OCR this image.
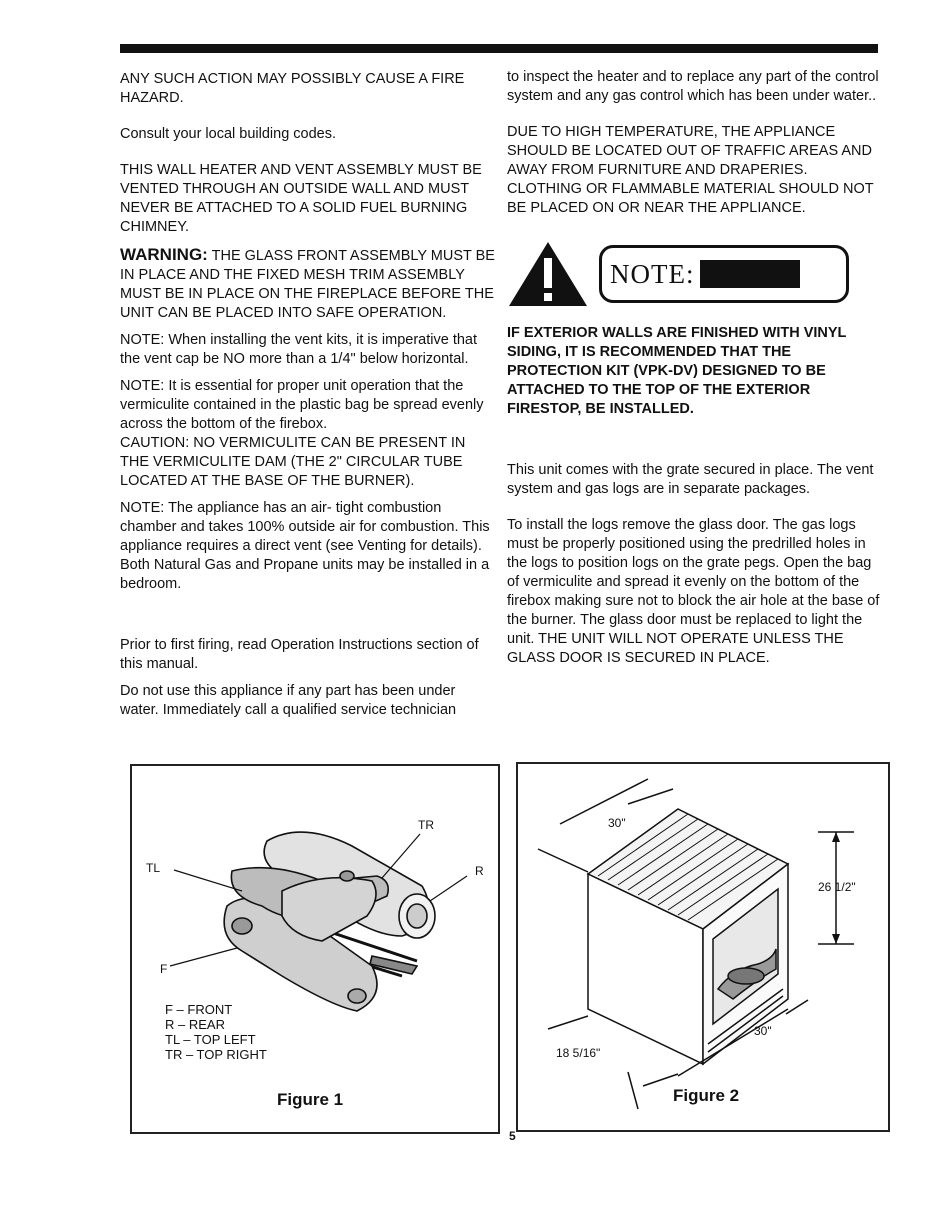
ANY SUCH ACTION MAY POSSIBLY CAUSE A FIRE HAZARD.

Consult your local building codes.

THIS WALL HEATER AND VENT ASSEMBLY MUST BE VENTED THROUGH AN OUTSIDE WALL AND MUST NEVER BE ATTACHED TO A SOLID FUEL BURNING CHIMNEY.

WARNING: THE GLASS FRONT ASSEMBLY MUST BE IN PLACE AND THE FIXED MESH TRIM ASSEMBLY MUST BE IN PLACE ON THE FIREPLACE BEFORE THE UNIT CAN BE PLACED INTO SAFE OPERATION.

NOTE: When installing the vent kits, it is imperative that the vent cap be NO more than a 1/4" below horizontal.

NOTE: It is essential for proper unit operation that the vermiculite contained in the plastic bag be spread evenly across the bottom of the firebox.

CAUTION: NO VERMICULITE CAN BE PRESENT IN THE VERMICULITE DAM (THE 2" CIRCULAR TUBE LOCATED AT THE BASE OF THE BURNER).

NOTE: The appliance has an air- tight combustion chamber and takes 100% outside air for combustion. This appliance requires a direct vent (see Venting for details). Both Natural Gas and Propane units may be installed in a bedroom.

Prior to first firing, read Operation Instructions section of this manual.

Do not use this appliance if any part has been under water. Immediately call a qualified service technician

to inspect the heater and to replace any part of the control system and any gas control which has been under water..

DUE TO HIGH TEMPERATURE, THE APPLIANCE SHOULD BE LOCATED OUT OF TRAFFIC AREAS AND AWAY FROM FURNITURE AND DRAPERIES. CLOTHING OR FLAMMABLE MATERIAL SHOULD NOT BE PLACED ON OR NEAR THE APPLIANCE.

NOTE:

IF EXTERIOR WALLS ARE FINISHED WITH VINYL SIDING, IT IS RECOMMENDED THAT THE PROTECTION KIT (VPK-DV) DESIGNED TO BE ATTACHED TO THE TOP OF THE EXTERIOR FIRESTOP, BE INSTALLED.

This unit comes with the grate secured in place. The vent system and gas logs are in separate packages.

To install the logs remove the glass door. The gas logs must be properly positioned using the predrilled holes in the logs to position logs on the grate pegs. Open the bag of vermiculite and spread it evenly on the bottom of the firebox making sure not to block the air hole at the base of the burner. The glass door must be replaced to light the unit. THE UNIT WILL NOT OPERATE UNLESS THE GLASS DOOR IS SECURED IN PLACE.

TL
TR
R
F
F – FRONT
R – REAR
TL – TOP LEFT
TR – TOP RIGHT
Figure 1
30"
26 1/2"
30"
18 5/16"
Figure 2
5
